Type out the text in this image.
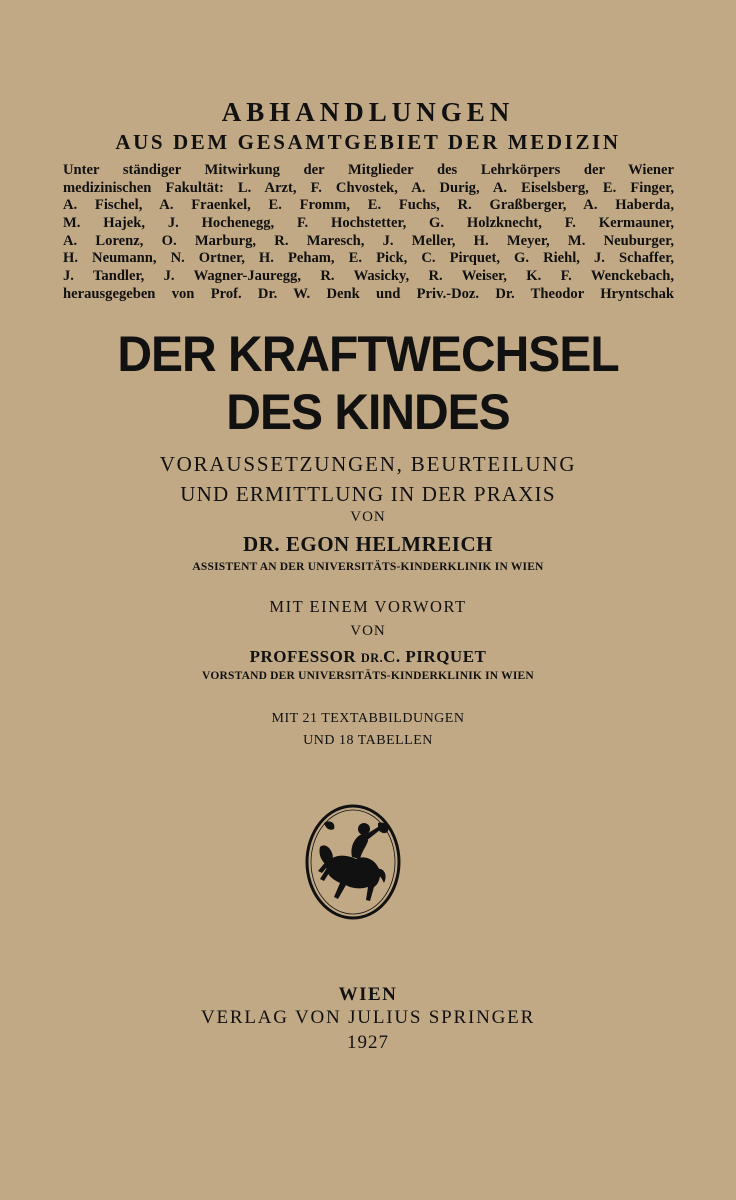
ABHANDLUNGEN
AUS DEM GESAMTGEBIET DER MEDIZIN
Unter ständiger Mitwirkung der Mitglieder des Lehrkörpers der Wiener
medizinischen Fakultät: L. Arzt, F. Chvostek, A. Durig, A. Eiselsberg, E. Finger,
A. Fischel, A. Fraenkel, E. Fromm, E. Fuchs, R. Graßberger, A. Haberda,
M. Hajek, J. Hochenegg, F. Hochstetter, G. Holzknecht, F. Kermauner,
A. Lorenz, O. Marburg, R. Maresch, J. Meller, H. Meyer, M. Neuburger,
H. Neumann, N. Ortner, H. Peham, E. Pick, C. Pirquet, G. Riehl, J. Schaffer,
J. Tandler, J. Wagner-Jauregg, R. Wasicky, R. Weiser, K. F. Wenckebach,
herausgegeben von Prof. Dr. W. Denk und Priv.-Doz. Dr. Theodor Hryntschak
DER KRAFTWECHSEL
DES KINDES
VORAUSSETZUNGEN, BEURTEILUNG
UND ERMITTLUNG IN DER PRAXIS
VON
DR. EGON HELMREICH
ASSISTENT AN DER UNIVERSITÄTS-KINDERKLINIK IN WIEN
MIT EINEM VORWORT
VON
PROFESSOR DR.C. PIRQUET
VORSTAND DER UNIVERSITÄTS-KINDERKLINIK IN WIEN
MIT 21 TEXTABBILDUNGEN
UND 18 TABELLEN
WIEN
VERLAG VON JULIUS SPRINGER
1927
